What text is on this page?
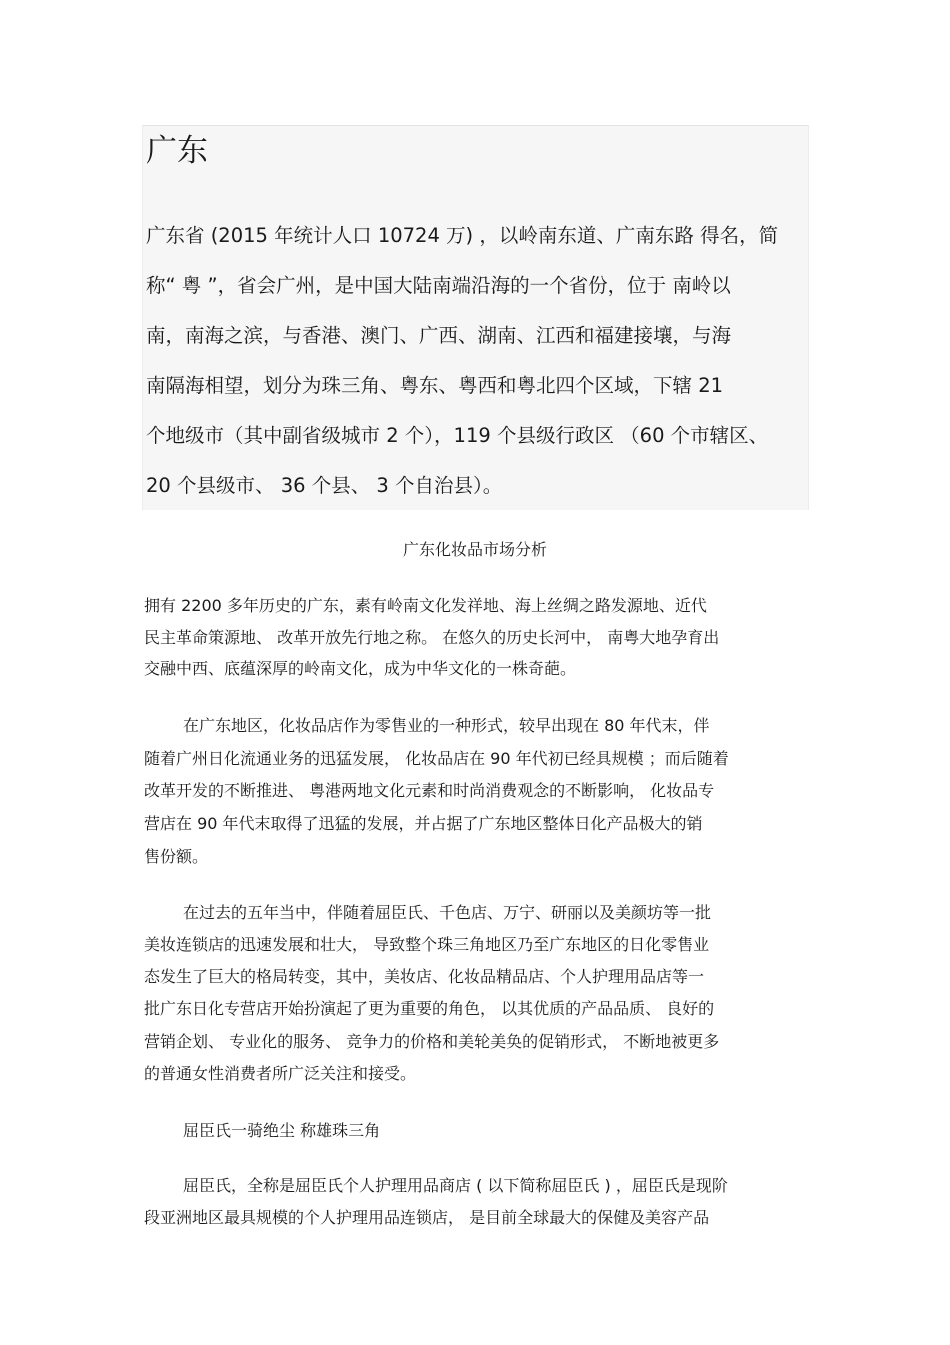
广东
广东省 (2015 年统计人口 10724 万) ，以岭南东道、广南东路 得名，简
称“ 粤 ”，省会广州，是中国大陆南端沿海的一个省份，位于 南岭以
南，南海之滨，与香港、澳门、广西、湖南、江西和福建接壤，与海
南隔海相望，划分为珠三角、粤东、粤西和粤北四个区域，下辖 21
个地级市（其中副省级城市 2 个），119 个县级行政区 （60 个市辖区、
20 个县级市、 36 个县、 3 个自治县）。
广东化妆品市场分析
拥有 2200 多年历史的广东，素有岭南文化发祥地、海上丝绸之路发源地、近代
民主革命策源地、 改革开放先行地之称。 在悠久的历史长河中， 南粤大地孕育出
交融中西、底蕴深厚的岭南文化，成为中华文化的一株奇葩。
在广东地区，化妆品店作为零售业的一种形式，较早出现在 80 年代末，伴
随着广州日化流通业务的迅猛发展， 化妆品店在 90 年代初已经具规模 ；而后随着
改革开发的不断推进、 粤港两地文化元素和时尚消费观念的不断影响， 化妆品专
营店在 90 年代末取得了迅猛的发展，并占据了广东地区整体日化产品极大的销
售份额。
在过去的五年当中，伴随着屈臣氏、千色店、万宁、研丽以及美颜坊等一批
美妆连锁店的迅速发展和壮大， 导致整个珠三角地区乃至广东地区的日化零售业
态发生了巨大的格局转变，其中，美妆店、化妆品精品店、个人护理用品店等一
批广东日化专营店开始扮演起了更为重要的角色， 以其优质的产品品质、 良好的
营销企划、 专业化的服务、 竞争力的价格和美轮美奂的促销形式， 不断地被更多
的普通女性消费者所广泛关注和接受。
屈臣氏一骑绝尘 称雄珠三角
屈臣氏，全称是屈臣氏个人护理用品商店 ( 以下简称屈臣氏 ) ，屈臣氏是现阶
段亚洲地区最具规模的个人护理用品连锁店， 是目前全球最大的保健及美容产品
